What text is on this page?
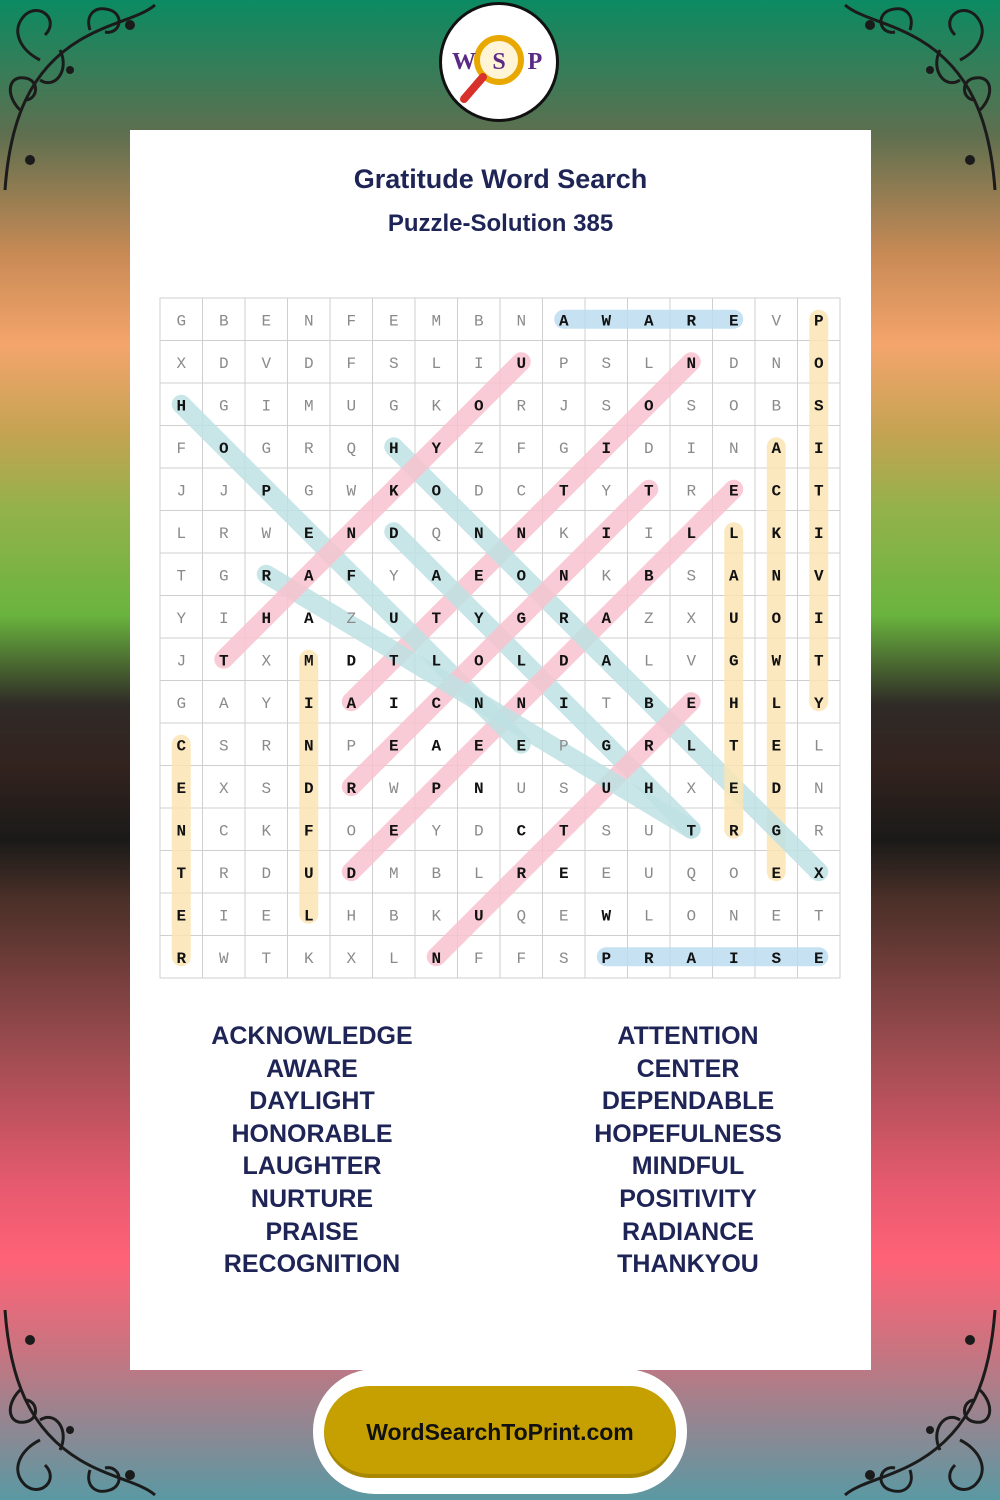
W S P
Gratitude Word Search
Puzzle-Solution 385
G B E N F E M B N A W A R E V P
X D V D F S L I U P S L N D N O
H G I M U G K O R J S O S O B S
F O G R Q H Y Z F G I D I N A I
J J P G W K O D C T Y T R E C T
L R W E N D Q N N K I I L L K I
T G R A F Y A E O N K B S A N V
Y I H A Z U T Y G R A Z X U O I
J T X M D T L O L D A L V G W T
G A Y I A I C N N I T B E H L Y
C S R N P E A E E P G R L T E L
E X S D R W P N U S U H X E D N
N C K F O E Y D C T S U T R G R
T R D U D M B L R E E U Q O E X
E I E L H B K U Q E W L O N E T
R W T K X L N F F S P R A I S E
ACKNOWLEDGE
AWARE
DAYLIGHT
HONORABLE
LAUGHTER
NURTURE
PRAISE
RECOGNITION
ATTENTION
CENTER
DEPENDABLE
HOPEFULNESS
MINDFUL
POSITIVITY
RADIANCE
THANKYOU
WordSearchToPrint.com
